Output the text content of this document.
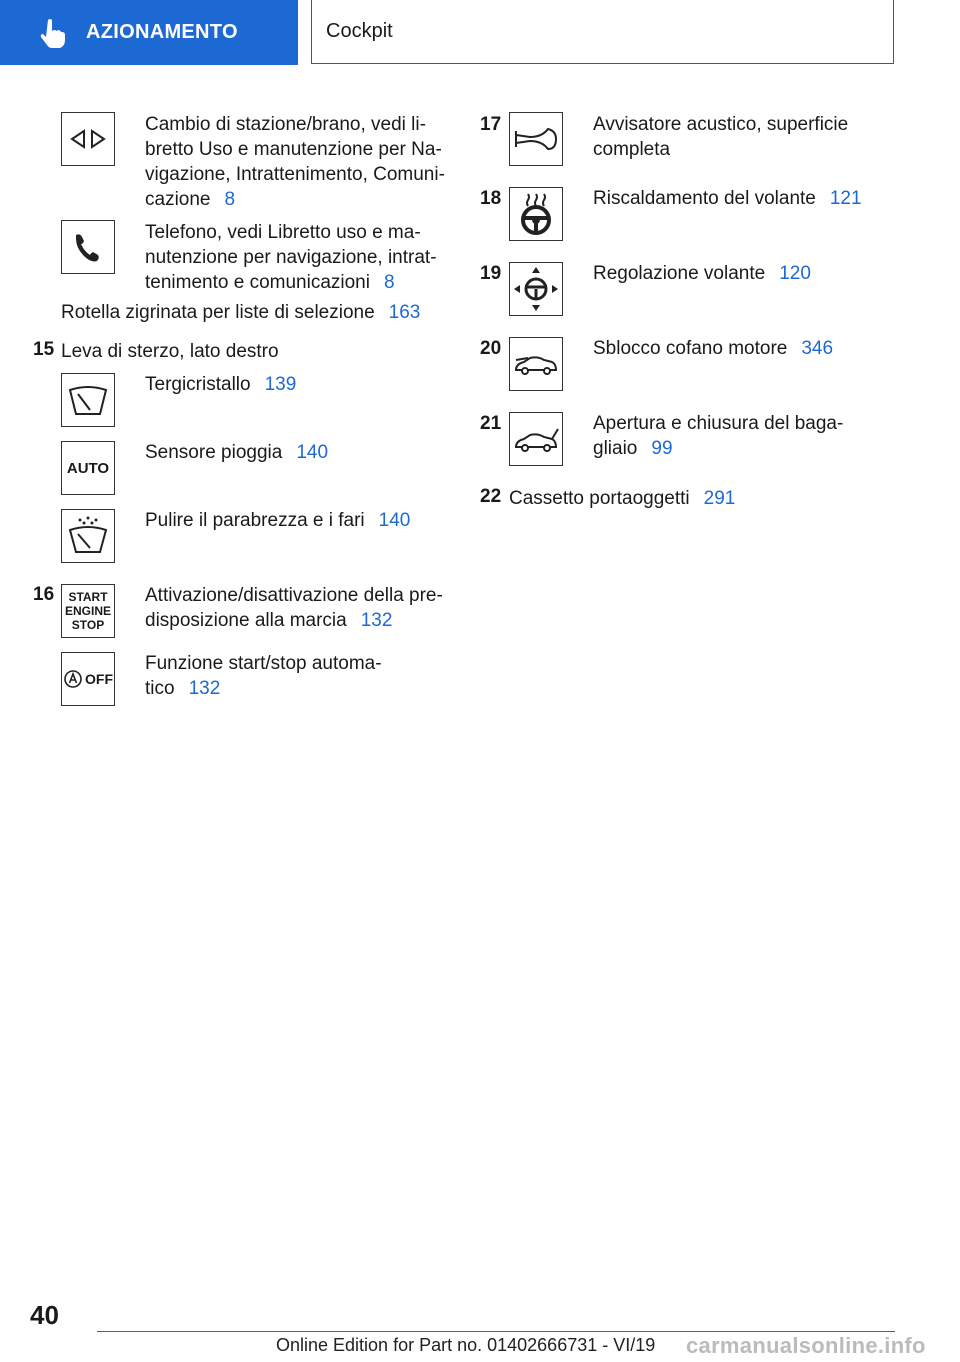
AZIONAMENTO	Cockpit
Cambio di stazione/brano, vedi li-
bretto Uso e manutenzione per Na-
vigazione, Intrattenimento, Comuni-
cazione 8
Telefono, vedi Libretto uso e ma-
nutenzione per navigazione, intrat-
tenimento e comunicazioni 8
Rotella zigrinata per liste di selezione 163
15 Leva di sterzo, lato destro
Tergicristallo 139
AUTO
Sensore pioggia 140
Pulire il parabrezza e i fari 140
16 START
ENGINE
STOP
Attivazione/disattivazione della pre-
disposizione alla marcia 132
OFF
Funzione start/stop automa-
tico 132
17	Avvisatore acustico, superficie
completa
18	Riscaldamento del volante 121
19	Regolazione volante 120
20	Sblocco cofano motore 346
21	Apertura e chiusura del baga-
gliaio 99
22 Cassetto portaoggetti 291
40
Online Edition for Part no. 01402666731 - VI/19 carmanualsonline.info
